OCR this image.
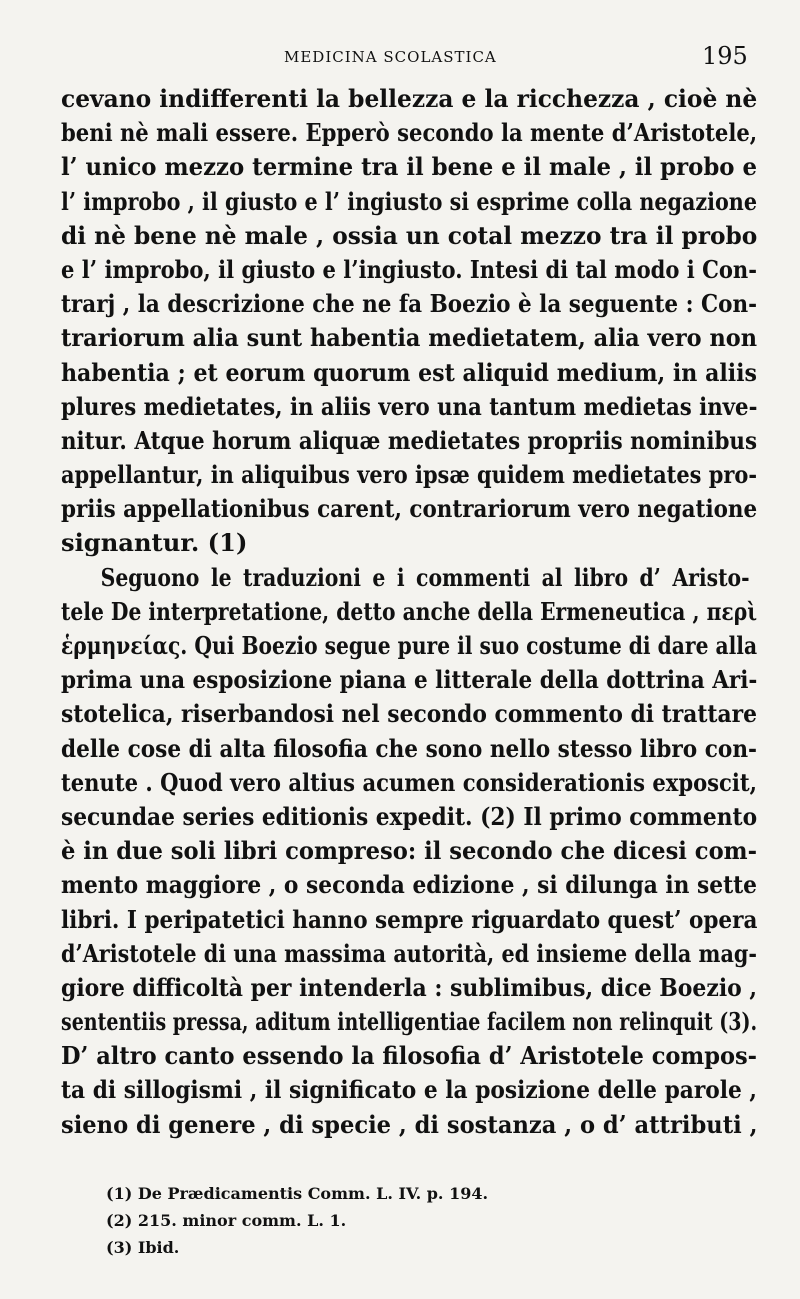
MEDICINA SCOLASTICA	195
cevano indifferenti la bellezza e la ricchezza , cioè nè
beni nè mali essere. Epperò secondo la mente d’Aristotele,
l’ unico mezzo termine tra il bene e il male , il probo e
l’ improbo , il giusto e l’ ingiusto si esprime colla negazione
di nè bene nè male , ossia un cotal mezzo tra il probo
e l’ improbo, il giusto e l’ingiusto. Intesi di tal modo i Con-
trarj , la descrizione che ne fa Boezio è la seguente : Con-
trariorum alia sunt habentia medietatem, alia vero non
habentia ; et eorum quorum est aliquid medium, in aliis
plures medietates, in aliis vero una tantum medietas inve-
nitur. Atque horum aliquæ medietates propriis nominibus
appellantur, in aliquibus vero ipsæ quidem medietates pro-
priis appellationibus carent, contrariorum vero negatione
signantur. (1)
Seguono le traduzioni e i commenti al libro d’ Aristo-
tele De interpretatione, detto anche della Ermeneutica , περὶ
ἑρμηνείας. Qui Boezio segue pure il suo costume di dare alla
prima una esposizione piana e litterale della dottrina Ari-
stotelica, riserbandosi nel secondo commento di trattare
delle cose di alta filosofia che sono nello stesso libro con-
tenute . Quod vero altius acumen considerationis exposcit,
secundae series editionis expedit. (2) Il primo commento
è in due soli libri compreso: il secondo che dicesi com-
mento maggiore , o seconda edizione , si dilunga in sette
libri. I peripatetici hanno sempre riguardato quest’ opera
d’Aristotele di una massima autorità, ed insieme della mag-
giore difficoltà per intenderla : sublimibus, dice Boezio ,
sententiis pressa, aditum intelligentiae facilem non relinquit (3).
D’ altro canto essendo la filosofia d’ Aristotele compos-
ta di sillogismi , il significato e la posizione delle parole ,
sieno di genere , di specie , di sostanza , o d’ attributi ,
(1) De Prædicamentis Comm. L. IV. p. 194.
(2) 215. minor comm. L. 1.
(3) Ibid.
